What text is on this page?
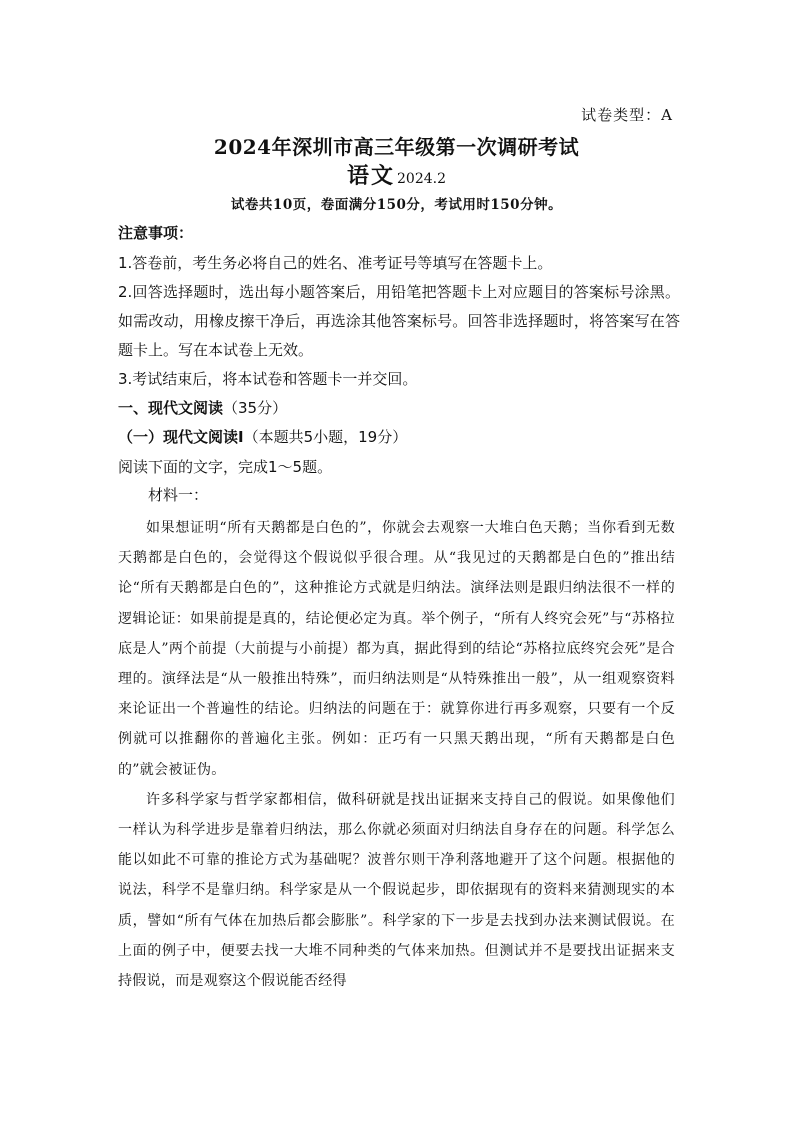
试卷类型：A
2024年深圳市高三年级第一次调研考试
语文 2024.2
试卷共10页，卷面满分150分，考试用时150分钟。
注意事项：
1.答卷前，考生务必将自己的姓名、准考证号等填写在答题卡上。
2.回答选择题时，选出每小题答案后，用铅笔把答题卡上对应题目的答案标号涂黑。如需改动，用橡皮擦干净后，再选涂其他答案标号。回答非选择题时，将答案写在答题卡上。写在本试卷上无效。
3.考试结束后，将本试卷和答题卡一并交回。
一、现代文阅读（35分）
（一）现代文阅读Ⅰ（本题共5小题，19分）
阅读下面的文字，完成1～5题。
材料一：

如果想证明“所有天鹅都是白色的”，你就会去观察一大堆白色天鹅；当你看到无数天鹅都是白色的，会觉得这个假说似乎很合理。从“我见过的天鹅都是白色的”推出结论“所有天鹅都是白色的”，这种推论方式就是归纳法。演绎法则是跟归纳法很不一样的逻辑论证：如果前提是真的，结论便必定为真。举个例子，“所有人终究会死”与“苏格拉底是人”两个前提（大前提与小前提）都为真，据此得到的结论“苏格拉底终究会死”是合理的。演绎法是“从一般推出特殊”，而归纳法则是“从特殊推出一般”，从一组观察资料来论证出一个普遍性的结论。归纳法的问题在于：就算你进行再多观察，只要有一个反例就可以推翻你的普遍化主张。例如：正巧有一只黑天鹅出现，“所有天鹅都是白色的”就会被证伪。

许多科学家与哲学家都相信，做科研就是找出证据来支持自己的假说。如果像他们一样认为科学进步是靠着归纳法，那么你就必须面对归纳法自身存在的问题。科学怎么能以如此不可靠的推论方式为基础呢？波普尔则干净利落地避开了这个问题。根据他的说法，科学不是靠归纳。科学家是从一个假说起步，即依据现有的资料来猜测现实的本质，譬如“所有气体在加热后都会膨胀”。科学家的下一步是去找到办法来测试假说。在上面的例子中，便要去找一大堆不同种类的气体来加热。但测试并不是要找出证据来支持假说，而是观察这个假说能否经得
